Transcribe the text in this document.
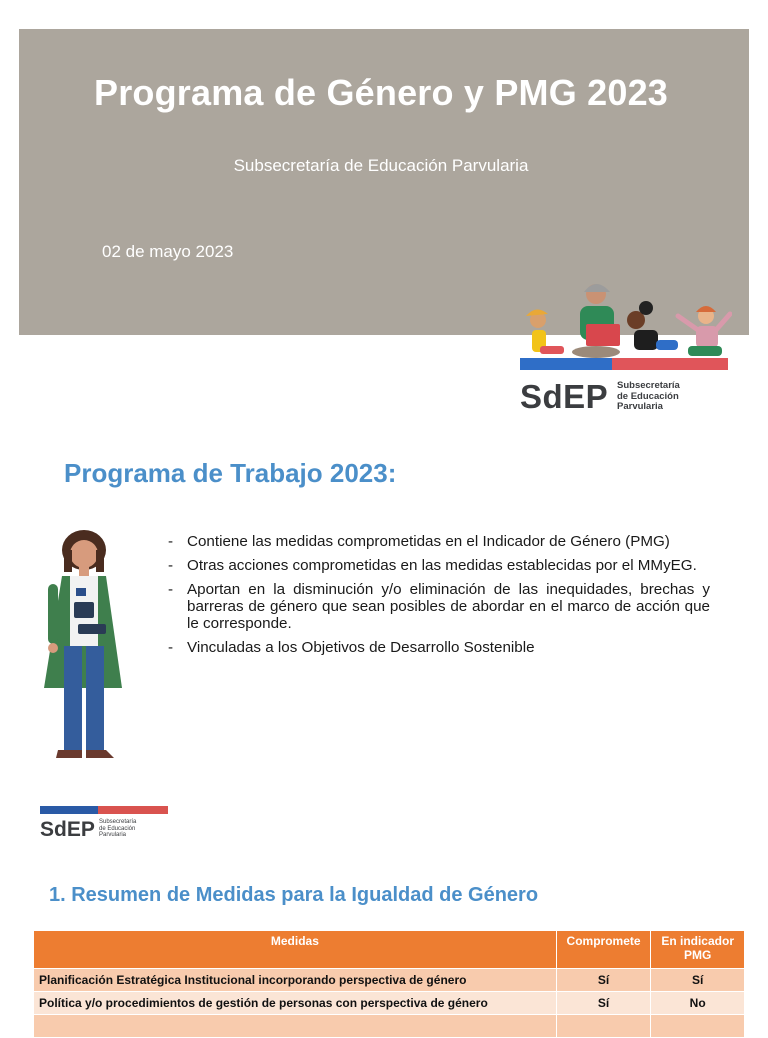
Programa de Género y PMG 2023
Subsecretaría de Educación Parvularia
02 de mayo 2023
SdEP Subsecretaría
de Educación
Parvularia
Programa de Trabajo 2023:
- Contiene las medidas comprometidas en el Indicador de Género (PMG)
- Otras acciones comprometidas en las medidas establecidas por el MMyEG.
- Aportan en la disminución y/o eliminación de las inequidades, brechas y barreras de género que sean posibles de abordar en el marco de acción que le corresponde.
- Vinculadas a los Objetivos de Desarrollo Sostenible
SdEP Subsecretaría
de Educación
Parvularia
1. Resumen de Medidas para la Igualdad de Género
Medidas	Compromete	En indicador PMG
Planificación Estratégica Institucional incorporando perspectiva de género	Sí	Sí
Política y/o procedimientos de gestión de personas con perspectiva de género	Sí	No
